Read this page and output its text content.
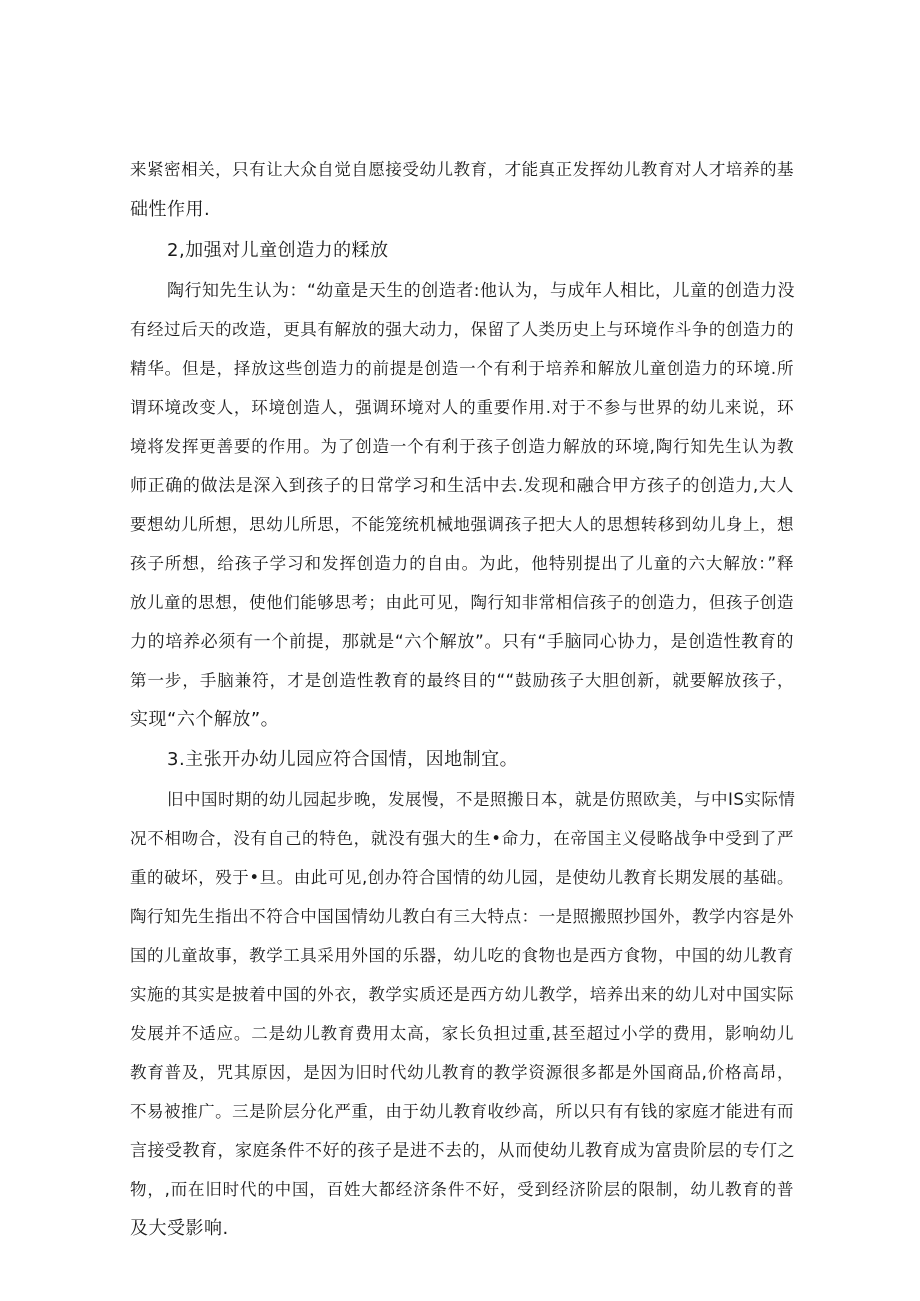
来紧密相关，只有让大众自觉自愿接受幼儿教育，才能真正发挥幼儿教育对人才培养的基
础性作用.
2,加强对儿童创造力的糅放
陶行知先生认为：“幼童是天生的创造者:他认为，与成年人相比，儿童的创造力没
有经过后天的改造，更具有解放的强大动力，保留了人类历史上与环境作斗争的创造力的
精华。但是，择放这些创造力的前提是创造一个有利于培养和解放儿童创造力的环境.所
谓环境改变人，环境创造人，强调环境对人的重要作用.对于不参与世界的幼儿来说，环
境将发挥更善要的作用。为了创造一个有利于孩子创造力解放的环境,陶行知先生认为教
师正确的做法是深入到孩子的日常学习和生活中去.发现和融合甲方孩子的创造力,大人
要想幼儿所想，思幼儿所思，不能笼统机械地强调孩子把大人的思想转移到幼儿身上，想
孩子所想，给孩子学习和发挥创造力的自由。为此，他特别提出了儿童的六大解放：”释
放儿童的思想，使他们能够思考；由此可见，陶行知非常相信孩子的创造力，但孩子创造
力的培养必须有一个前提，那就是“六个解放”。只有“手脑同心协力，是创造性教育的
第一步，手脑兼符，才是创造性教育的最终目的““鼓励孩子大胆创新，就要解放孩子，
实现“六个解放”。
3.主张开办幼儿园应符合国情，因地制宜。
旧中国时期的幼儿园起步晚，发展慢，不是照搬日本，就是仿照欧美，与中IS实际情
况不相吻合，没有自己的特色，就没有强大的生•命力，在帝国主义侵略战争中受到了严
重的破坏，殁于•旦。由此可见,创办符合国情的幼儿园，是使幼儿教育长期发展的基础。
陶行知先生指出不符合中国国情幼儿教白有三大特点：一是照搬照抄国外，教学内容是外
国的儿童故事，教学工具采用外国的乐器，幼儿吃的食物也是西方食物，中国的幼儿教育
实施的其实是披着中国的外衣，教学实质还是西方幼儿教学，培养出来的幼儿对中国实际
发展并不适应。二是幼儿教育费用太高，家长负担过重,甚至超过小学的费用，影响幼儿
教育普及，咒其原因，是因为旧时代幼儿教育的教学资源很多都是外国商品,价格高昂，
不易被推广。三是阶层分化严重，由于幼儿教育收纱高，所以只有有钱的家庭才能进有而
言接受教育，家庭条件不好的孩子是进不去的，从而使幼儿教育成为富贵阶层的专仃之
物，,而在旧时代的中国，百姓大都经济条件不好，受到经济阶层的限制，幼儿教育的普
及大受影响.
